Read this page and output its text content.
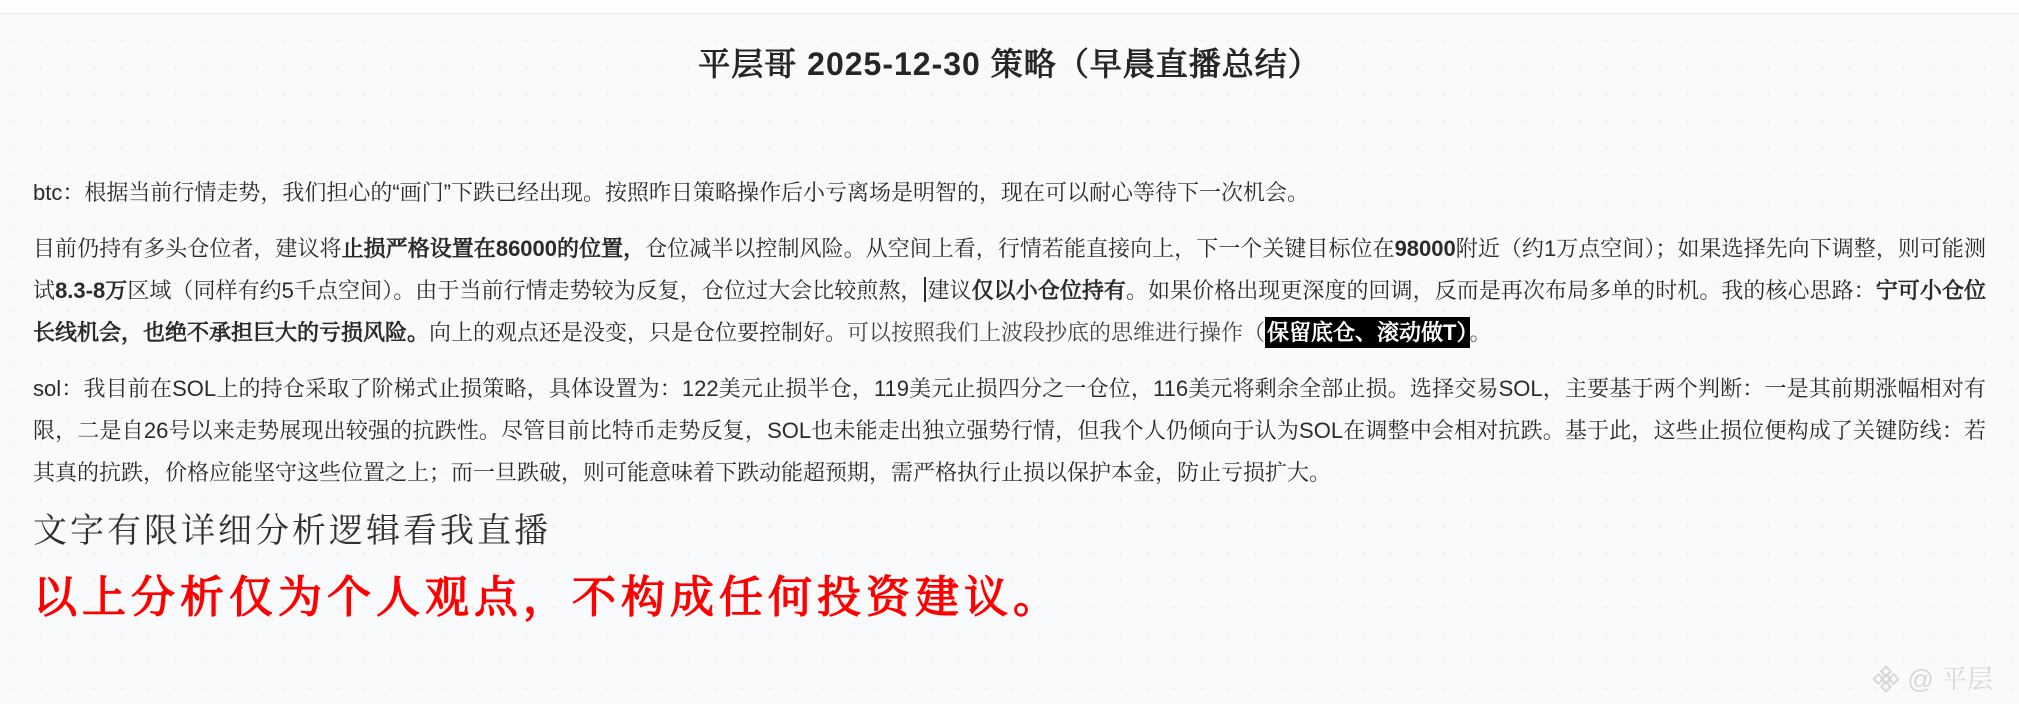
平层哥 2025-12-30 策略（早晨直播总结）

btc：根据当前行情走势，我们担心的“画门”下跌已经出现。按照昨日策略操作后小亏离场是明智的，现在可以耐心等待下一次机会。

目前仍持有多头仓位者，建议将止损严格设置在86000的位置，仓位减半以控制风险。从空间上看，行情若能直接向上，下一个关键目标位在98000附近（约1万点空间）；如果选择先向下调整，则可能测试8.3-8万区域（同样有约5千点空间）。由于当前行情走势较为反复，仓位过大会比较煎熬， 建议仅以小仓位持有。如果价格出现更深度的回调，反而是再次布局多单的时机。我的核心思路：宁可小仓位长线机会，也绝不承担巨大的亏损风险。向上的观点还是没变，只是仓位要控制好。可以按照我们上波段抄底的思维进行操作（保留底仓、滚动做T）。

sol：我目前在SOL上的持仓采取了阶梯式止损策略，具体设置为：122美元止损半仓，119美元止损四分之一仓位，116美元将剩余全部止损。选择交易SOL，主要基于两个判断：一是其前期涨幅相对有限，二是自26号以来走势展现出较强的抗跌性。尽管目前比特币走势反复，SOL也未能走出独立强势行情，但我个人仍倾向于认为SOL在调整中会相对抗跌。基于此，这些止损位便构成了关键防线：若其真的抗跌，价格应能坚守这些位置之上；而一旦跌破，则可能意味着下跌动能超预期，需严格执行止损以保护本金，防止亏损扩大。

文字有限详细分析逻辑看我直播
以上分析仅为个人观点，不构成任何投资建议。
@ 平层
